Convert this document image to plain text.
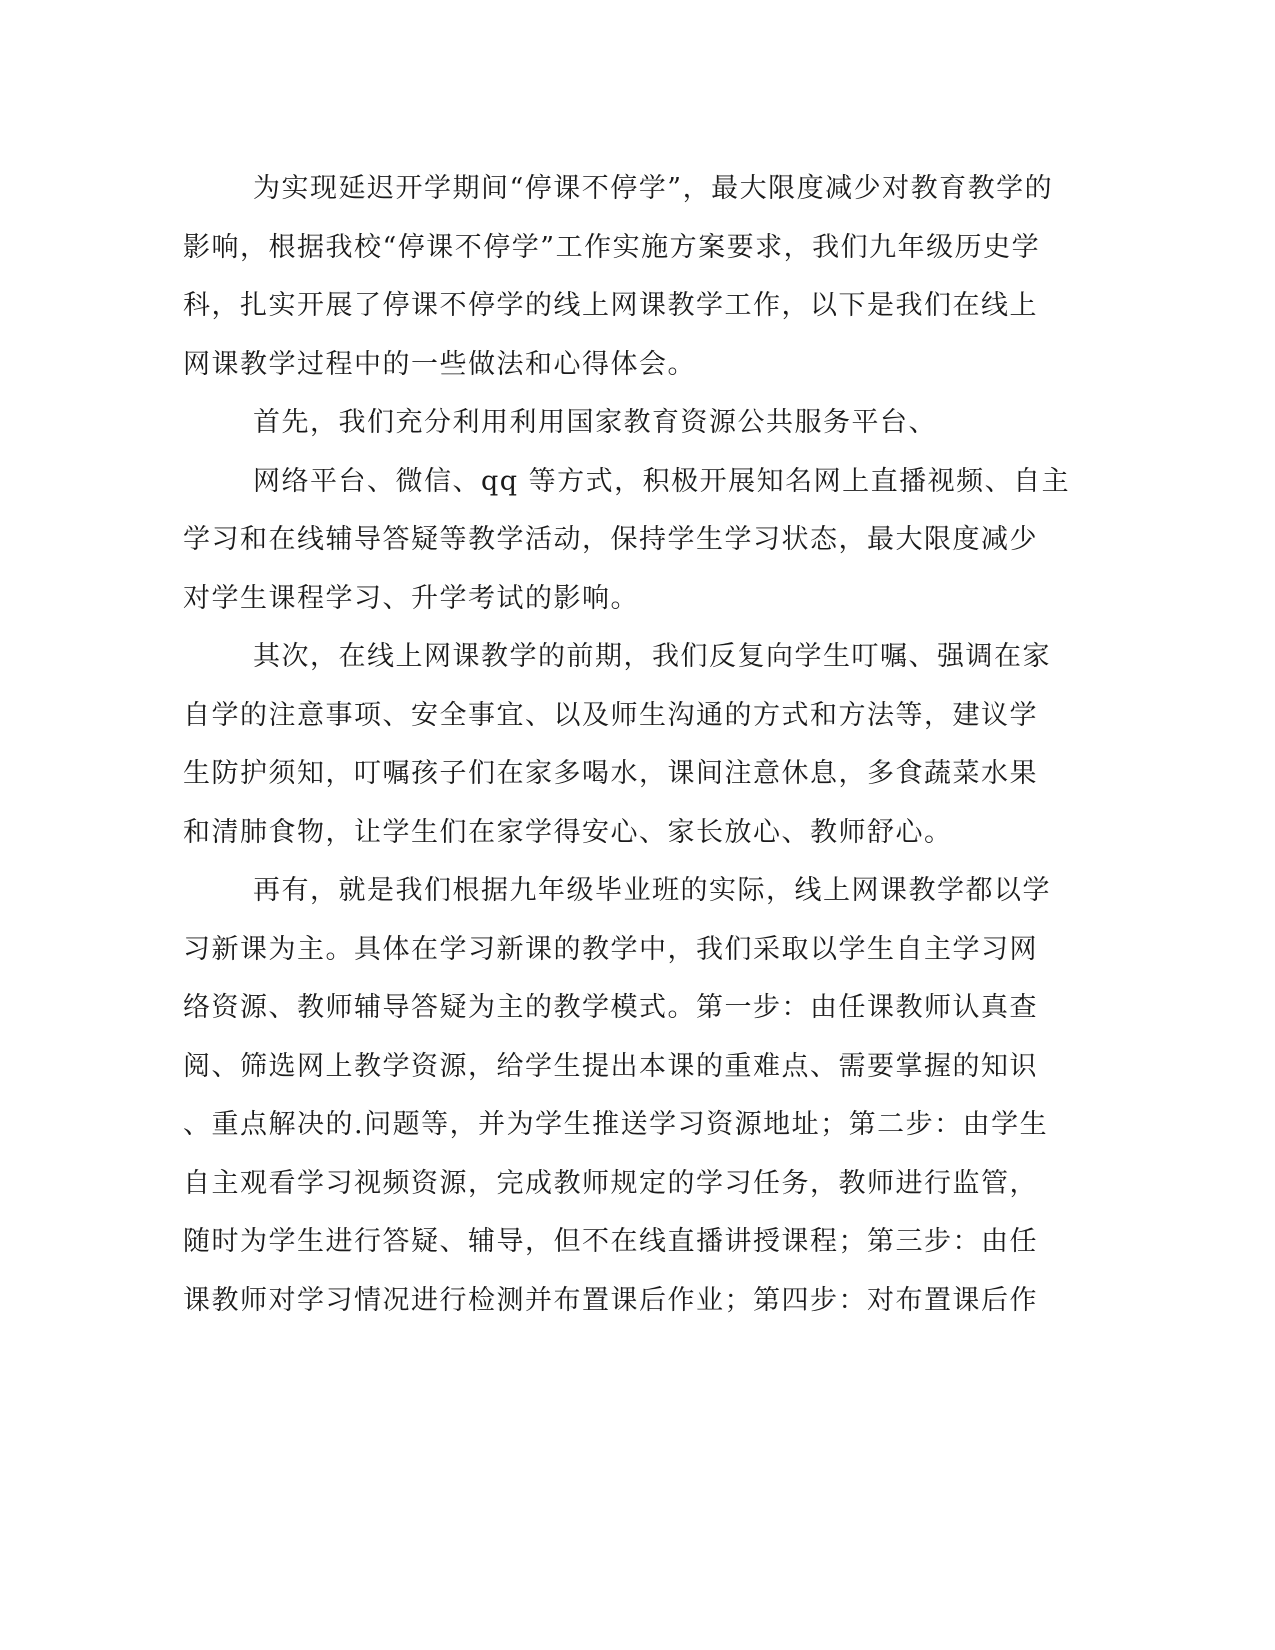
为实现延迟开学期间“停课不停学”，最大限度减少对教育教学的
影响，根据我校“停课不停学”工作实施方案要求，我们九年级历史学
科，扎实开展了停课不停学的线上网课教学工作，以下是我们在线上
网课教学过程中的一些做法和心得体会。

首先，我们充分利用利用国家教育资源公共服务平台、

网络平台、微信、qq 等方式，积极开展知名网上直播视频、自主
学习和在线辅导答疑等教学活动，保持学生学习状态，最大限度减少
对学生课程学习、升学考试的影响。

其次，在线上网课教学的前期，我们反复向学生叮嘱、强调在家
自学的注意事项、安全事宜、以及师生沟通的方式和方法等，建议学
生防护须知，叮嘱孩子们在家多喝水，课间注意休息，多食蔬菜水果
和清肺食物，让学生们在家学得安心、家长放心、教师舒心。

再有，就是我们根据九年级毕业班的实际，线上网课教学都以学
习新课为主。具体在学习新课的教学中，我们采取以学生自主学习网
络资源、教师辅导答疑为主的教学模式。第一步：由任课教师认真查
阅、筛选网上教学资源，给学生提出本课的重难点、需要掌握的知识
、重点解决的.问题等，并为学生推送学习资源地址；第二步：由学生
自主观看学习视频资源，完成教师规定的学习任务，教师进行监管，
随时为学生进行答疑、辅导，但不在线直播讲授课程；第三步：由任
课教师对学习情况进行检测并布置课后作业；第四步：对布置课后作
